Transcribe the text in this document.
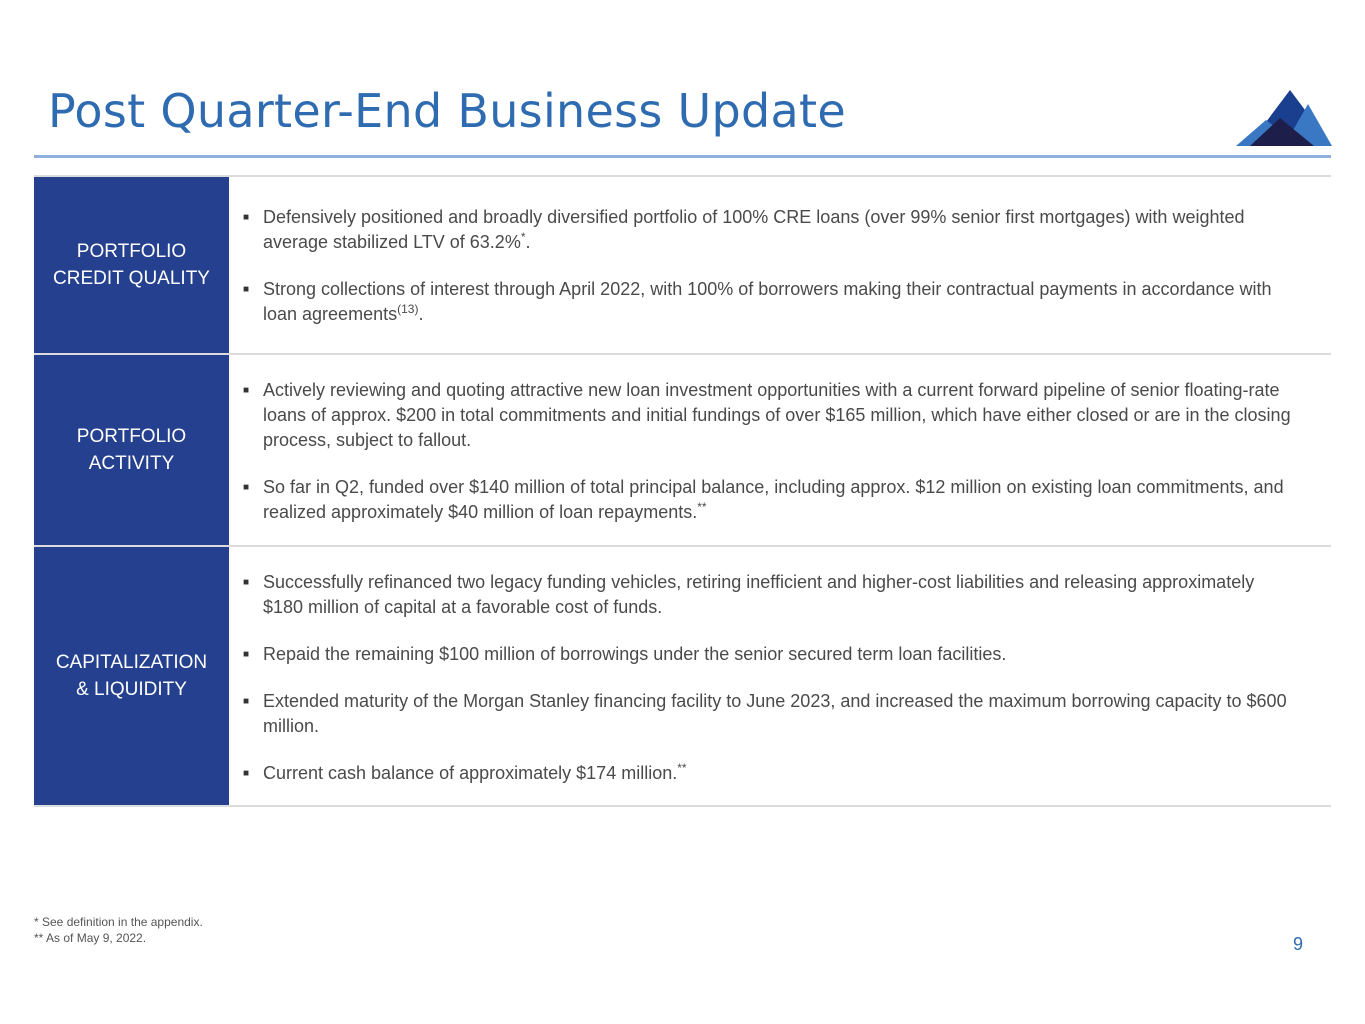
Post Quarter-End Business Update
PORTFOLIO
CREDIT QUALITY
■ Defensively positioned and broadly diversified portfolio of 100% CRE loans (over 99% senior first mortgages) with weighted average stabilized LTV of 63.2%*.
■ Strong collections of interest through April 2022, with 100% of borrowers making their contractual payments in accordance with loan agreements$^{(13)}$.
PORTFOLIO
ACTIVITY
■ Actively reviewing and quoting attractive new loan investment opportunities with a current forward pipeline of senior floating-rate loans of approx. $200 in total commitments and initial fundings of over $165 million, which have either closed or are in the closing process, subject to fallout.
■ So far in Q2, funded over $140 million of total principal balance, including approx. $12 million on existing loan commitments, and realized approximately $40 million of loan repayments.**
CAPITALIZATION
& LIQUIDITY
■ Successfully refinanced two legacy funding vehicles, retiring inefficient and higher-cost liabilities and releasing approximately $180 million of capital at a favorable cost of funds.
■ Repaid the remaining $100 million of borrowings under the senior secured term loan facilities.
■ Extended maturity of the Morgan Stanley financing facility to June 2023, and increased the maximum borrowing capacity to $600 million.
■ Current cash balance of approximately $174 million.**
* See definition in the appendix.
** As of May 9, 2022.	9
